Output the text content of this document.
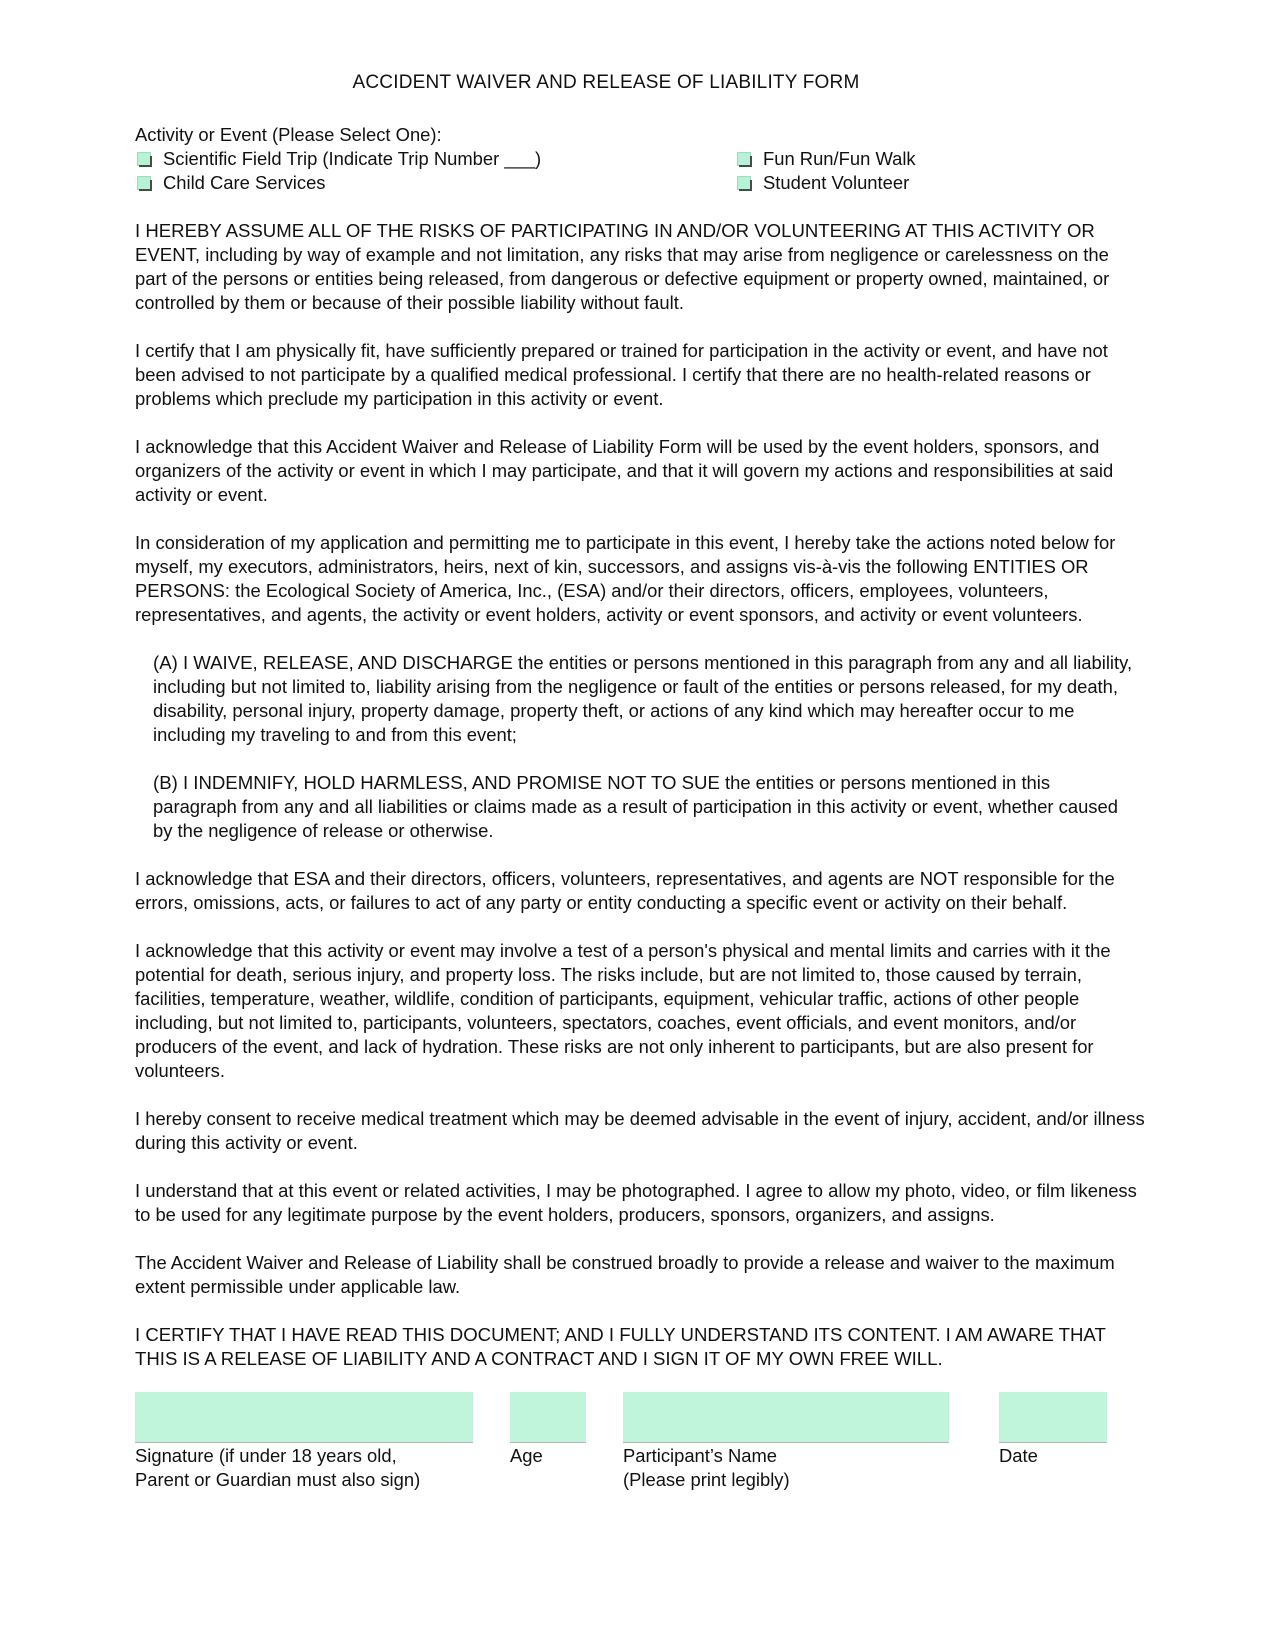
ACCIDENT WAIVER AND RELEASE OF LIABILITY FORM
Activity or Event (Please Select One):
Scientific Field Trip (Indicate Trip Number ___)	Fun Run/Fun Walk
Child Care Services	Student Volunteer
I HEREBY ASSUME ALL OF THE RISKS OF PARTICIPATING IN AND/OR VOLUNTEERING AT THIS ACTIVITY OR EVENT, including by way of example and not limitation, any risks that may arise from negligence or carelessness on the part of the persons or entities being released, from dangerous or defective equipment or property owned, maintained, or controlled by them or because of their possible liability without fault.
I certify that I am physically fit, have sufficiently prepared or trained for participation in the activity or event, and have not been advised to not participate by a qualified medical professional. I certify that there are no health-related reasons or problems which preclude my participation in this activity or event.
I acknowledge that this Accident Waiver and Release of Liability Form will be used by the event holders, sponsors, and organizers of the activity or event in which I may participate, and that it will govern my actions and responsibilities at said activity or event.
In consideration of my application and permitting me to participate in this event, I hereby take the actions noted below for myself, my executors, administrators, heirs, next of kin, successors, and assigns vis-à-vis the following ENTITIES OR PERSONS: the Ecological Society of America, Inc., (ESA) and/or their directors, officers, employees, volunteers, representatives, and agents, the activity or event holders, activity or event sponsors, and activity or event volunteers.
(A) I WAIVE, RELEASE, AND DISCHARGE the entities or persons mentioned in this paragraph from any and all liability, including but not limited to, liability arising from the negligence or fault of the entities or persons released, for my death, disability, personal injury, property damage, property theft, or actions of any kind which may hereafter occur to me including my traveling to and from this event;
(B) I INDEMNIFY, HOLD HARMLESS, AND PROMISE NOT TO SUE the entities or persons mentioned in this paragraph from any and all liabilities or claims made as a result of participation in this activity or event, whether caused by the negligence of release or otherwise.
I acknowledge that ESA and their directors, officers, volunteers, representatives, and agents are NOT responsible for the errors, omissions, acts, or failures to act of any party or entity conducting a specific event or activity on their behalf.
I acknowledge that this activity or event may involve a test of a person's physical and mental limits and carries with it the potential for death, serious injury, and property loss. The risks include, but are not limited to, those caused by terrain, facilities, temperature, weather, wildlife, condition of participants, equipment, vehicular traffic, actions of other people including, but not limited to, participants, volunteers, spectators, coaches, event officials, and event monitors, and/or producers of the event, and lack of hydration. These risks are not only inherent to participants, but are also present for volunteers.
I hereby consent to receive medical treatment which may be deemed advisable in the event of injury, accident, and/or illness during this activity or event.
I understand that at this event or related activities, I may be photographed. I agree to allow my photo, video, or film likeness to be used for any legitimate purpose by the event holders, producers, sponsors, organizers, and assigns.
The Accident Waiver and Release of Liability shall be construed broadly to provide a release and waiver to the maximum extent permissible under applicable law.
I CERTIFY THAT I HAVE READ THIS DOCUMENT; AND I FULLY UNDERSTAND ITS CONTENT. I AM AWARE THAT THIS IS A RELEASE OF LIABILITY AND A CONTRACT AND I SIGN IT OF MY OWN FREE WILL.
Signature (if under 18 years old,
Parent or Guardian must also sign)
Age	Participant’s Name
(Please print legibly)
Date
